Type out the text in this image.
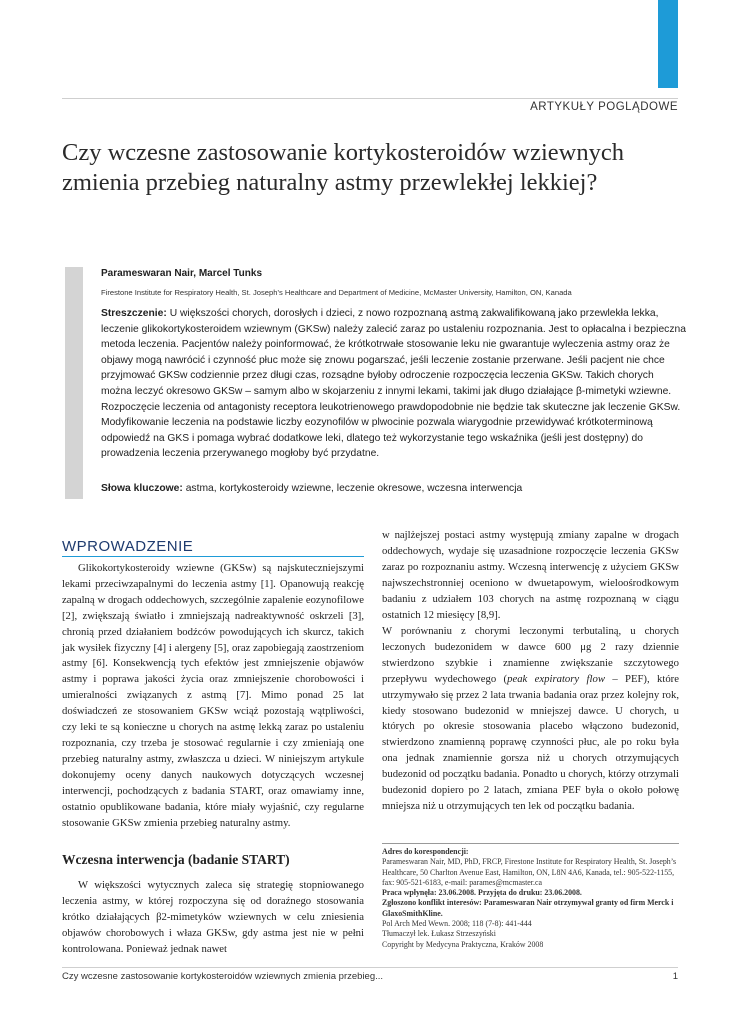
ARTYKUŁY POGLĄDOWE
Czy wczesne zastosowanie kortykosteroidów wziewnych zmienia przebieg naturalny astmy przewlekłej lekkiej?
Parameswaran Nair, Marcel Tunks
Firestone Institute for Respiratory Health, St. Joseph’s Healthcare and Department of Medicine, McMaster University, Hamilton, ON, Kanada

Streszczenie: U większości chorych, dorosłych i dzieci, z nowo rozpoznaną astmą zakwalifikowaną jako przewlekła lekka, leczenie glikokortykosteroidem wziewnym (GKSw) należy zalecić zaraz po ustaleniu rozpoznania. Jest to opłacalna i bezpieczna metoda leczenia. Pacjentów należy poinformować, że krótkotrwałe stosowanie leku nie gwarantuje wyleczenia astmy oraz że objawy mogą nawrócić i czynność płuc może się znowu pogarszać, jeśli leczenie zostanie przerwane. Jeśli pacjent nie chce przyjmować GKSw codziennie przez długi czas, rozsądne byłoby odroczenie rozpoczęcia leczenia GKSw. Takich chorych można leczyć okresowo GKSw – samym albo w skojarzeniu z innymi lekami, takimi jak długo działające β-mimetyki wziewne. Rozpoczęcie leczenia od antagonisty receptora leukotrienowego prawdopodobnie nie będzie tak skuteczne jak leczenie GKSw. Modyfikowanie leczenia na podstawie liczby eozynofilów w plwocinie pozwala wiarygodnie przewidywać krótkoterminową odpowiedź na GKS i pomaga wybrać dodatkowe leki, dlatego też wykorzystanie tego wskaźnika (jeśli jest dostępny) do prowadzenia leczenia przerywanego mogłoby być przydatne.

Słowa kluczowe: astma, kortykosteroidy wziewne, leczenie okresowe, wczesna interwencja
WPROWADZENIE

Glikokortykosteroidy wziewne (GKSw) są najskuteczniejszymi lekami przeciwzapalnymi do leczenia astmy [1]. Opanowują reakcję zapalną w drogach oddechowych, szczególnie zapalenie eozynofilowe [2], zwiększają światło i zmniejszają nadreaktywność oskrzeli [3], chronią przed działaniem bodźców powodujących ich skurcz, takich jak wysiłek fizyczny [4] i alergeny [5], oraz zapobiegają zaostrzeniom astmy [6]. Konsekwencją tych efektów jest zmniejszenie objawów astmy i poprawa jakości życia oraz zmniejszenie chorobowości i umieralności związanych z astmą [7]. Mimo ponad 25 lat doświadczeń ze stosowaniem GKSw wciąż pozostają wątpliwości, czy leki te są konieczne u chorych na astmę lekką zaraz po ustaleniu rozpoznania, czy trzeba je stosować regularnie i czy zmieniają one przebieg naturalny astmy, zwłaszcza u dzieci. W niniejszym artykule dokonujemy oceny danych naukowych dotyczących wczesnej interwencji, pochodzących z badania START, oraz omawiamy inne, ostatnio opublikowane badania, które miały wyjaśnić, czy regularne stosowanie GKSw zmienia przebieg naturalny astmy.

Wczesna interwencja (badanie START)

W większości wytycznych zaleca się strategię stopniowanego leczenia astmy, w której rozpoczyna się od doraźnego stosowania krótko działających β2-mimetyków wziewnych w celu zniesienia objawów chorobowych i właza GKSw, gdy astma jest nie w pełni kontrolowana. Ponieważ jednak nawet

w najlżejszej postaci astmy występują zmiany zapalne w drogach oddechowych, wydaje się uzasadnione rozpoczęcie leczenia GKSw zaraz po rozpoznaniu astmy. Wczesną interwencję z użyciem GKSw najwszechstronniej oceniono w dwuetapowym, wieloośrodkowym badaniu z udziałem 103 chorych na astmę rozpoznaną w ciągu ostatnich 12 miesięcy [8,9].

W porównaniu z chorymi leczonymi terbutaliną, u chorych leczonych budezonidem w dawce 600 μg 2 razy dziennie stwierdzono szybkie i znamienne zwiększanie szczytowego przepływu wydechowego (peak expiratory flow – PEF), które utrzymywało się przez 2 lata trwania badania oraz przez kolejny rok, kiedy stosowano budezonid w mniejszej dawce. U chorych, u których po okresie stosowania placebo włączono budezonid, stwierdzono znamienną poprawę czynności płuc, ale po roku była ona jednak znamiennie gorsza niż u chorych otrzymujących budezonid od początku badania. Ponadto u chorych, którzy otrzymali budezonid dopiero po 2 latach, zmiana PEF była o około połowę mniejsza niż u otrzymujących ten lek od początku badania.

Adres do korespondencji:
Parameswaran Nair, MD, PhD, FRCP, Firestone Institute for Respiratory Health, St. Joseph’s Healthcare, 50 Charlton Avenue East, Hamilton, ON, L8N 4A6, Kanada, tel.: 905-522-1155, fax: 905-521-6183, e-mail: parames@mcmaster.ca
Praca wpłynęła: 23.06.2008. Przyjęta do druku: 23.06.2008.
Zgłoszono konflikt interesów: Parameswaran Nair otrzymywał granty od firm Merck i GlaxoSmithKline.
Pol Arch Med Wewn. 2008; 118 (7-8): 441-444
Tłumaczył lek. Łukasz Strzeszyński
Copyright by Medycyna Praktyczna, Kraków 2008
Czy wczesne zastosowanie kortykosteroidów wziewnych zmienia przebieg...	1
